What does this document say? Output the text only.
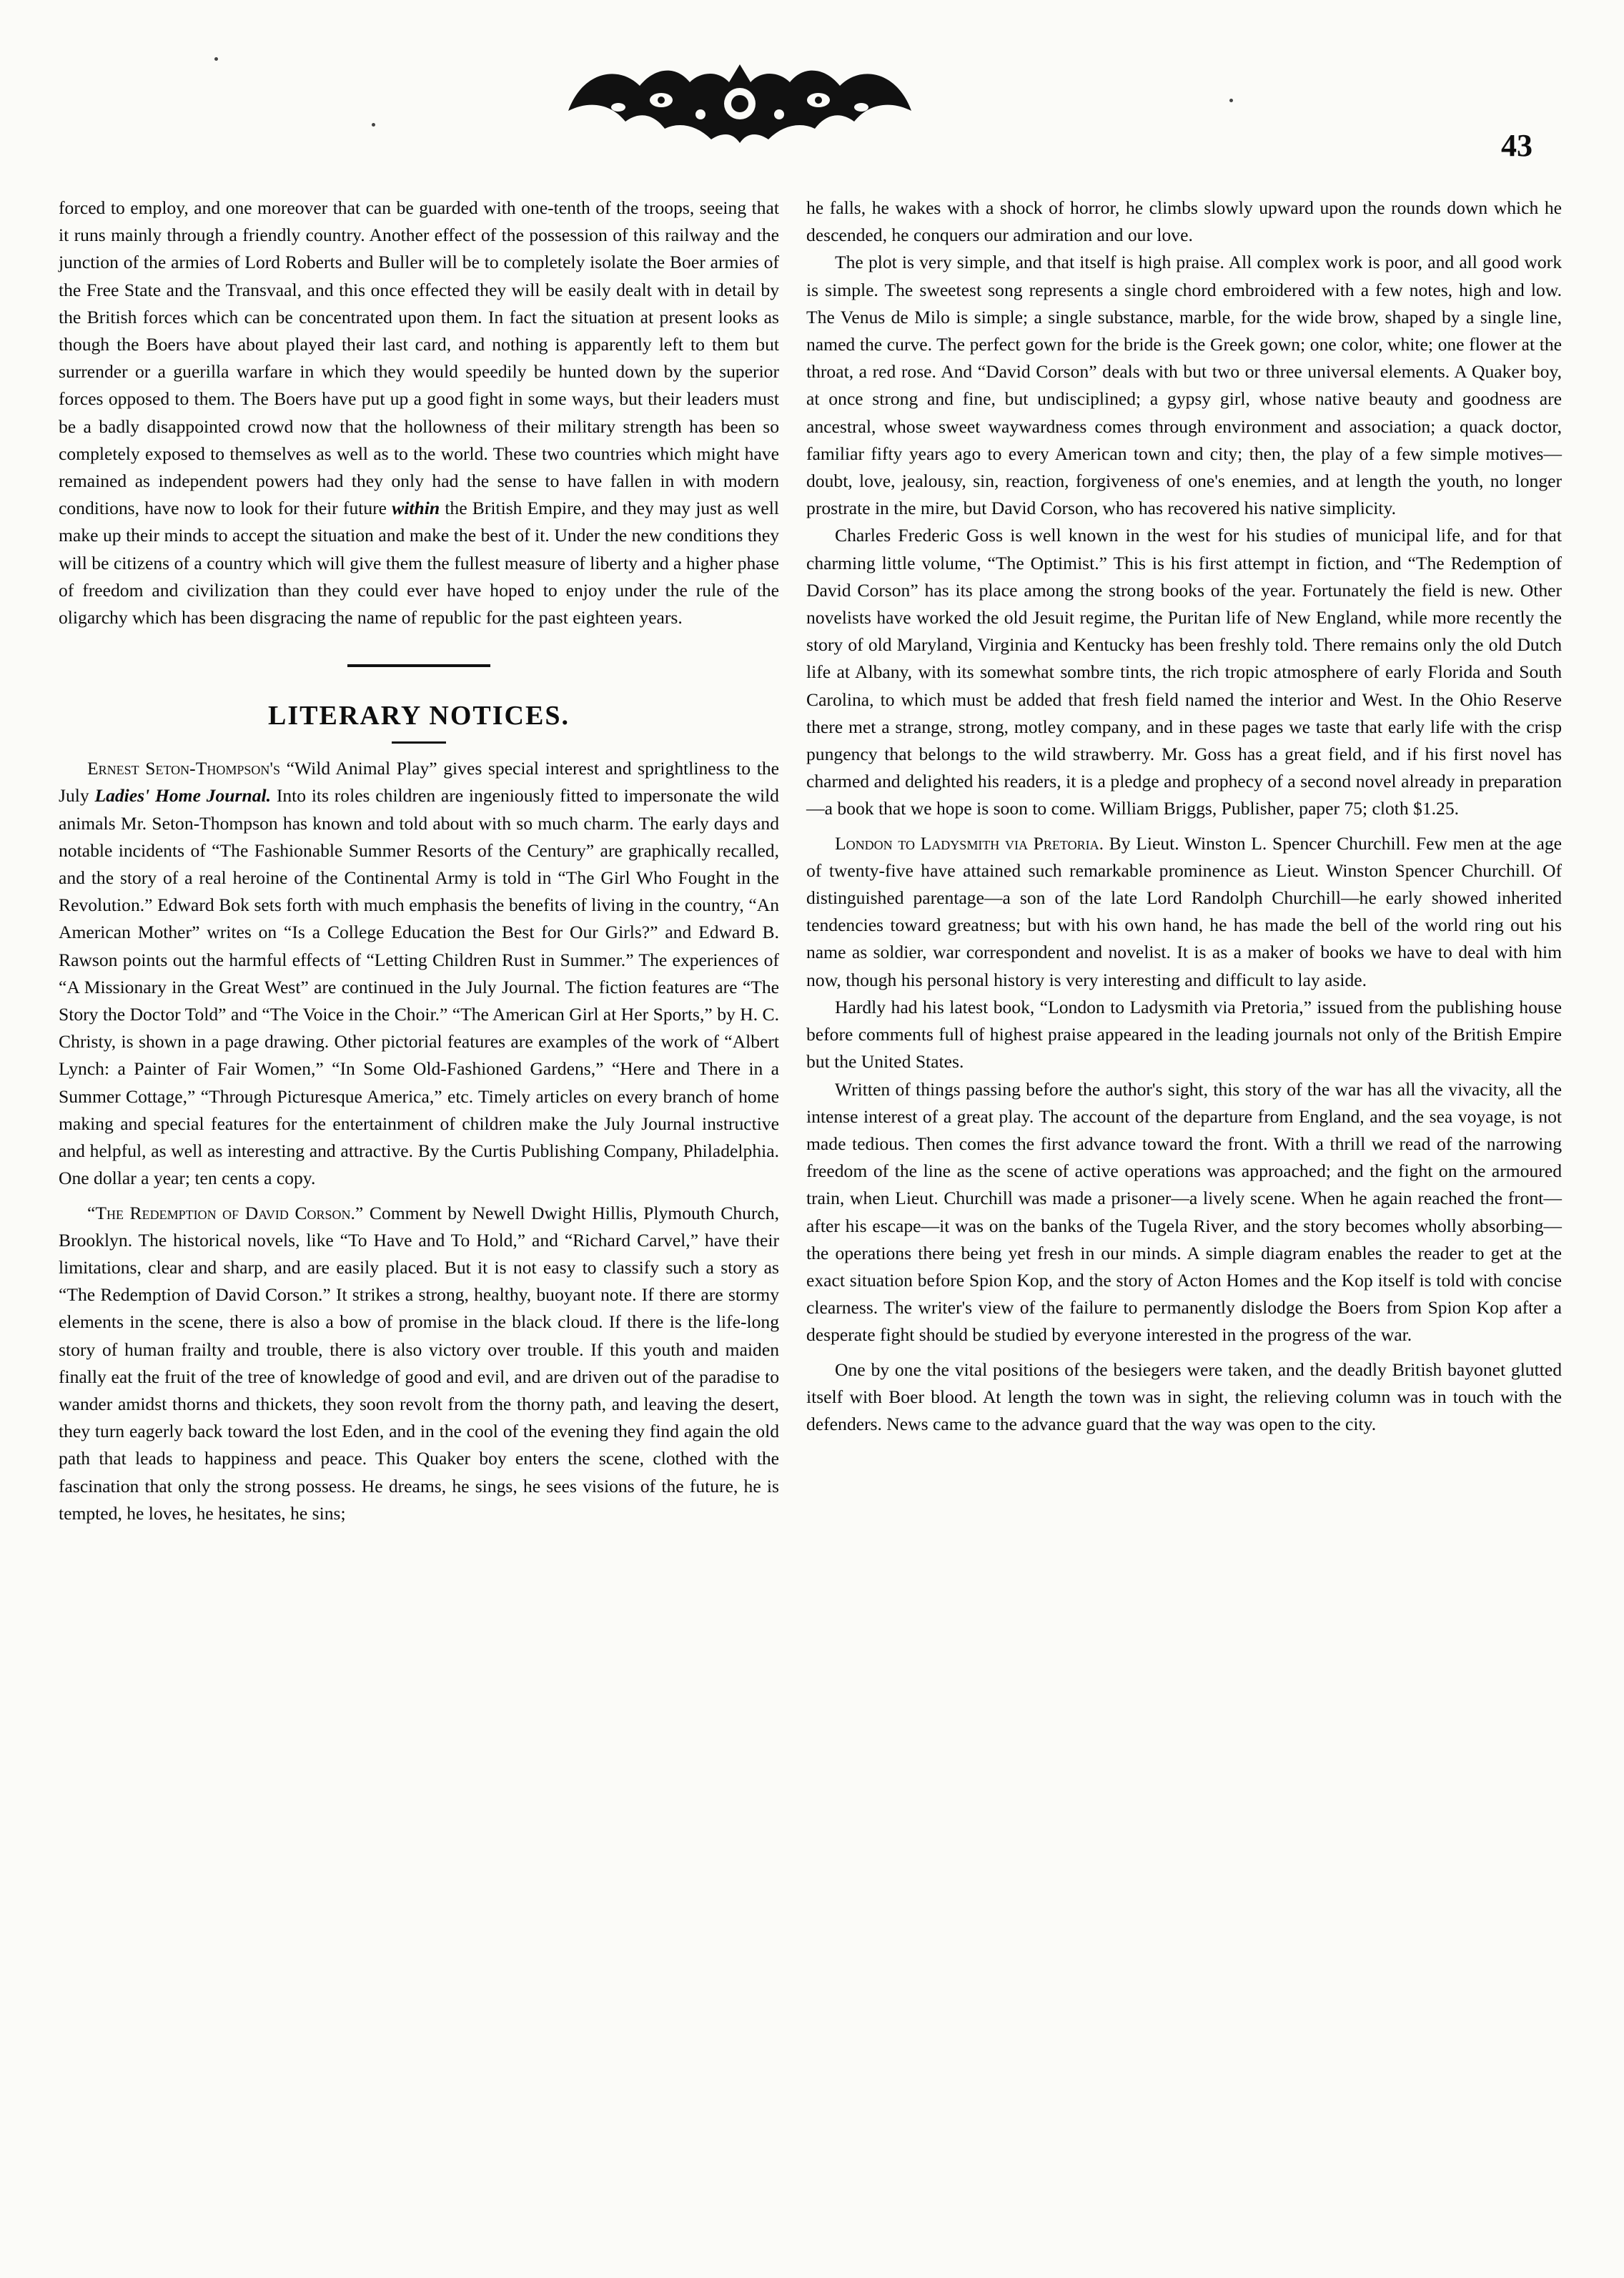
43

forced to employ, and one moreover that can be guarded with one-tenth of the troops, seeing that it runs mainly through a friendly country. Another effect of the possession of this railway and the junction of the armies of Lord Roberts and Buller will be to completely isolate the Boer armies of the Free State and the Transvaal, and this once effected they will be easily dealt with in detail by the British forces which can be concentrated upon them. In fact the situation at present looks as though the Boers have about played their last card, and nothing is apparently left to them but surrender or a guerilla warfare in which they would speedily be hunted down by the superior forces opposed to them. The Boers have put up a good fight in some ways, but their leaders must be a badly disappointed crowd now that the hollowness of their military strength has been so completely exposed to themselves as well as to the world. These two countries which might have remained as independent powers had they only had the sense to have fallen in with modern conditions, have now to look for their future within the British Empire, and they may just as well make up their minds to accept the situation and make the best of it. Under the new conditions they will be citizens of a country which will give them the fullest measure of liberty and a higher phase of freedom and civilization than they could ever have hoped to enjoy under the rule of the oligarchy which has been disgracing the name of republic for the past eighteen years.

LITERARY NOTICES.

Ernest Seton-Thompson's “Wild Animal Play” gives special interest and sprightliness to the July Ladies' Home Journal. Into its roles children are ingeniously fitted to impersonate the wild animals Mr. Seton-Thompson has known and told about with so much charm. The early days and notable incidents of “The Fashionable Summer Resorts of the Century” are graphically recalled, and the story of a real heroine of the Continental Army is told in “The Girl Who Fought in the Revolution.” Edward Bok sets forth with much emphasis the benefits of living in the country, “An American Mother” writes on “Is a College Education the Best for Our Girls?” and Edward B. Rawson points out the harmful effects of “Letting Children Rust in Summer.” The experiences of “A Missionary in the Great West” are continued in the July Journal. The fiction features are “The Story the Doctor Told” and “The Voice in the Choir.” “The American Girl at Her Sports,” by H. C. Christy, is shown in a page drawing. Other pictorial features are examples of the work of “Albert Lynch: a Painter of Fair Women,” “In Some Old-Fashioned Gardens,” “Here and There in a Summer Cottage,” “Through Picturesque America,” etc. Timely articles on every branch of home making and special features for the entertainment of children make the July Journal instructive and helpful, as well as interesting and attractive. By the Curtis Publishing Company, Philadelphia. One dollar a year; ten cents a copy.

“The Redemption of David Corson.” Comment by Newell Dwight Hillis, Plymouth Church, Brooklyn. The historical novels, like “To Have and To Hold,” and “Richard Carvel,” have their limitations, clear and sharp, and are easily placed. But it is not easy to classify such a story as “The Redemption of David Corson.” It strikes a strong, healthy, buoyant note. If there are stormy elements in the scene, there is also a bow of promise in the black cloud. If there is the life-long story of human frailty and trouble, there is also victory over trouble. If this youth and maiden finally eat the fruit of the tree of knowledge of good and evil, and are driven out of the paradise to wander amidst thorns and thickets, they soon revolt from the thorny path, and leaving the desert, they turn eagerly back toward the lost Eden, and in the cool of the evening they find again the old path that leads to happiness and peace. This Quaker boy enters the scene, clothed with the fascination that only the strong possess. He dreams, he sings, he sees visions of the future, he is tempted, he loves, he hesitates, he sins;

he falls, he wakes with a shock of horror, he climbs slowly upward upon the rounds down which he descended, he conquers our admiration and our love.

The plot is very simple, and that itself is high praise. All complex work is poor, and all good work is simple. The sweetest song represents a single chord embroidered with a few notes, high and low. The Venus de Milo is simple; a single substance, marble, for the wide brow, shaped by a single line, named the curve. The perfect gown for the bride is the Greek gown; one color, white; one flower at the throat, a red rose. And “David Corson” deals with but two or three universal elements. A Quaker boy, at once strong and fine, but undisciplined; a gypsy girl, whose native beauty and goodness are ancestral, whose sweet waywardness comes through environment and association; a quack doctor, familiar fifty years ago to every American town and city; then, the play of a few simple motives—doubt, love, jealousy, sin, reaction, forgiveness of one's enemies, and at length the youth, no longer prostrate in the mire, but David Corson, who has recovered his native simplicity.

Charles Frederic Goss is well known in the west for his studies of municipal life, and for that charming little volume, “The Optimist.” This is his first attempt in fiction, and “The Redemption of David Corson” has its place among the strong books of the year. Fortunately the field is new. Other novelists have worked the old Jesuit regime, the Puritan life of New England, while more recently the story of old Maryland, Virginia and Kentucky has been freshly told. There remains only the old Dutch life at Albany, with its somewhat sombre tints, the rich tropic atmosphere of early Florida and South Carolina, to which must be added that fresh field named the interior and West. In the Ohio Reserve there met a strange, strong, motley company, and in these pages we taste that early life with the crisp pungency that belongs to the wild strawberry. Mr. Goss has a great field, and if his first novel has charmed and delighted his readers, it is a pledge and prophecy of a second novel already in preparation—a book that we hope is soon to come. William Briggs, Publisher, paper 75; cloth $1.25.

London to Ladysmith via Pretoria. By Lieut. Winston L. Spencer Churchill. Few men at the age of twenty-five have attained such remarkable prominence as Lieut. Winston Spencer Churchill. Of distinguished parentage—a son of the late Lord Randolph Churchill—he early showed inherited tendencies toward greatness; but with his own hand, he has made the bell of the world ring out his name as soldier, war correspondent and novelist. It is as a maker of books we have to deal with him now, though his personal history is very interesting and difficult to lay aside.

Hardly had his latest book, “London to Ladysmith via Pretoria,” issued from the publishing house before comments full of highest praise appeared in the leading journals not only of the British Empire but the United States.

Written of things passing before the author's sight, this story of the war has all the vivacity, all the intense interest of a great play. The account of the departure from England, and the sea voyage, is not made tedious. Then comes the first advance toward the front. With a thrill we read of the narrowing freedom of the line as the scene of active operations was approached; and the fight on the armoured train, when Lieut. Churchill was made a prisoner—a lively scene. When he again reached the front—after his escape—it was on the banks of the Tugela River, and the story becomes wholly absorbing—the operations there being yet fresh in our minds. A simple diagram enables the reader to get at the exact situation before Spion Kop, and the story of Acton Homes and the Kop itself is told with concise clearness. The writer's view of the failure to permanently dislodge the Boers from Spion Kop after a desperate fight should be studied by everyone interested in the progress of the war.

One by one the vital positions of the besiegers were taken, and the deadly British bayonet glutted itself with Boer blood. At length the town was in sight, the relieving column was in touch with the defenders. News came to the advance guard that the way was open to the city.
